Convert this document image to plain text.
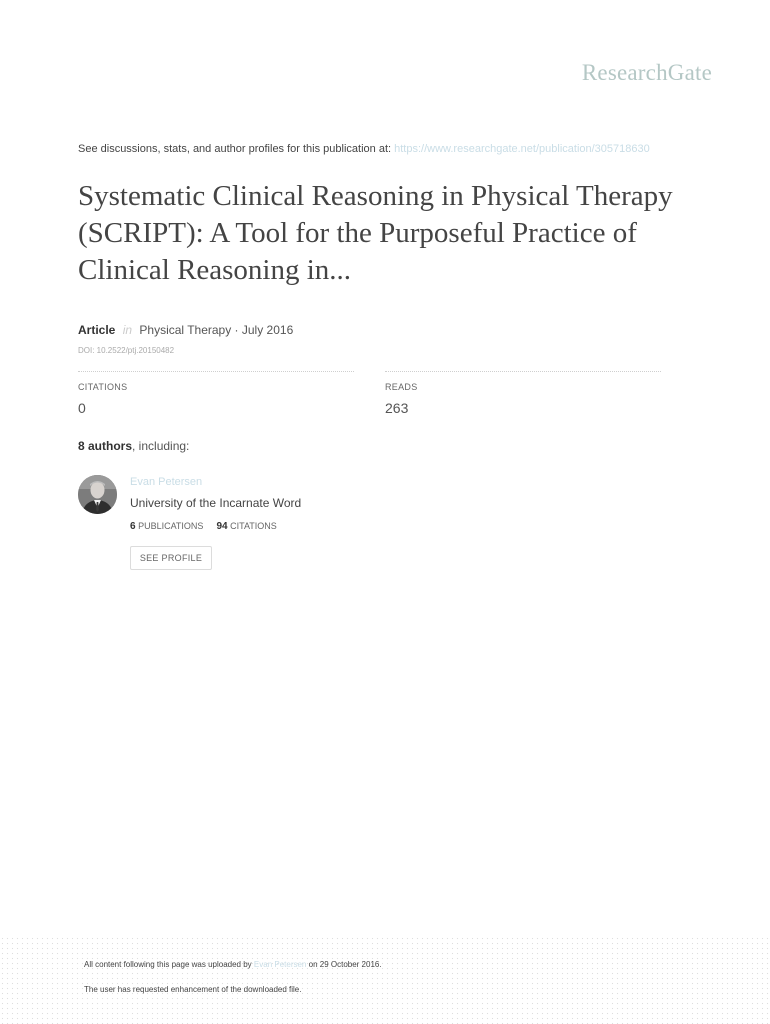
ResearchGate
See discussions, stats, and author profiles for this publication at: https://www.researchgate.net/publication/305718630
Systematic Clinical Reasoning in Physical Therapy (SCRIPT): A Tool for the Purposeful Practice of Clinical Reasoning in...
Article in Physical Therapy · July 2016
DOI: 10.2522/ptj.20150482
CITATIONS
0
READS
263
8 authors, including:
Evan Petersen
University of the Incarnate Word
6 PUBLICATIONS 94 CITATIONS
SEE PROFILE
All content following this page was uploaded by Evan Petersen on 29 October 2016.
The user has requested enhancement of the downloaded file.
